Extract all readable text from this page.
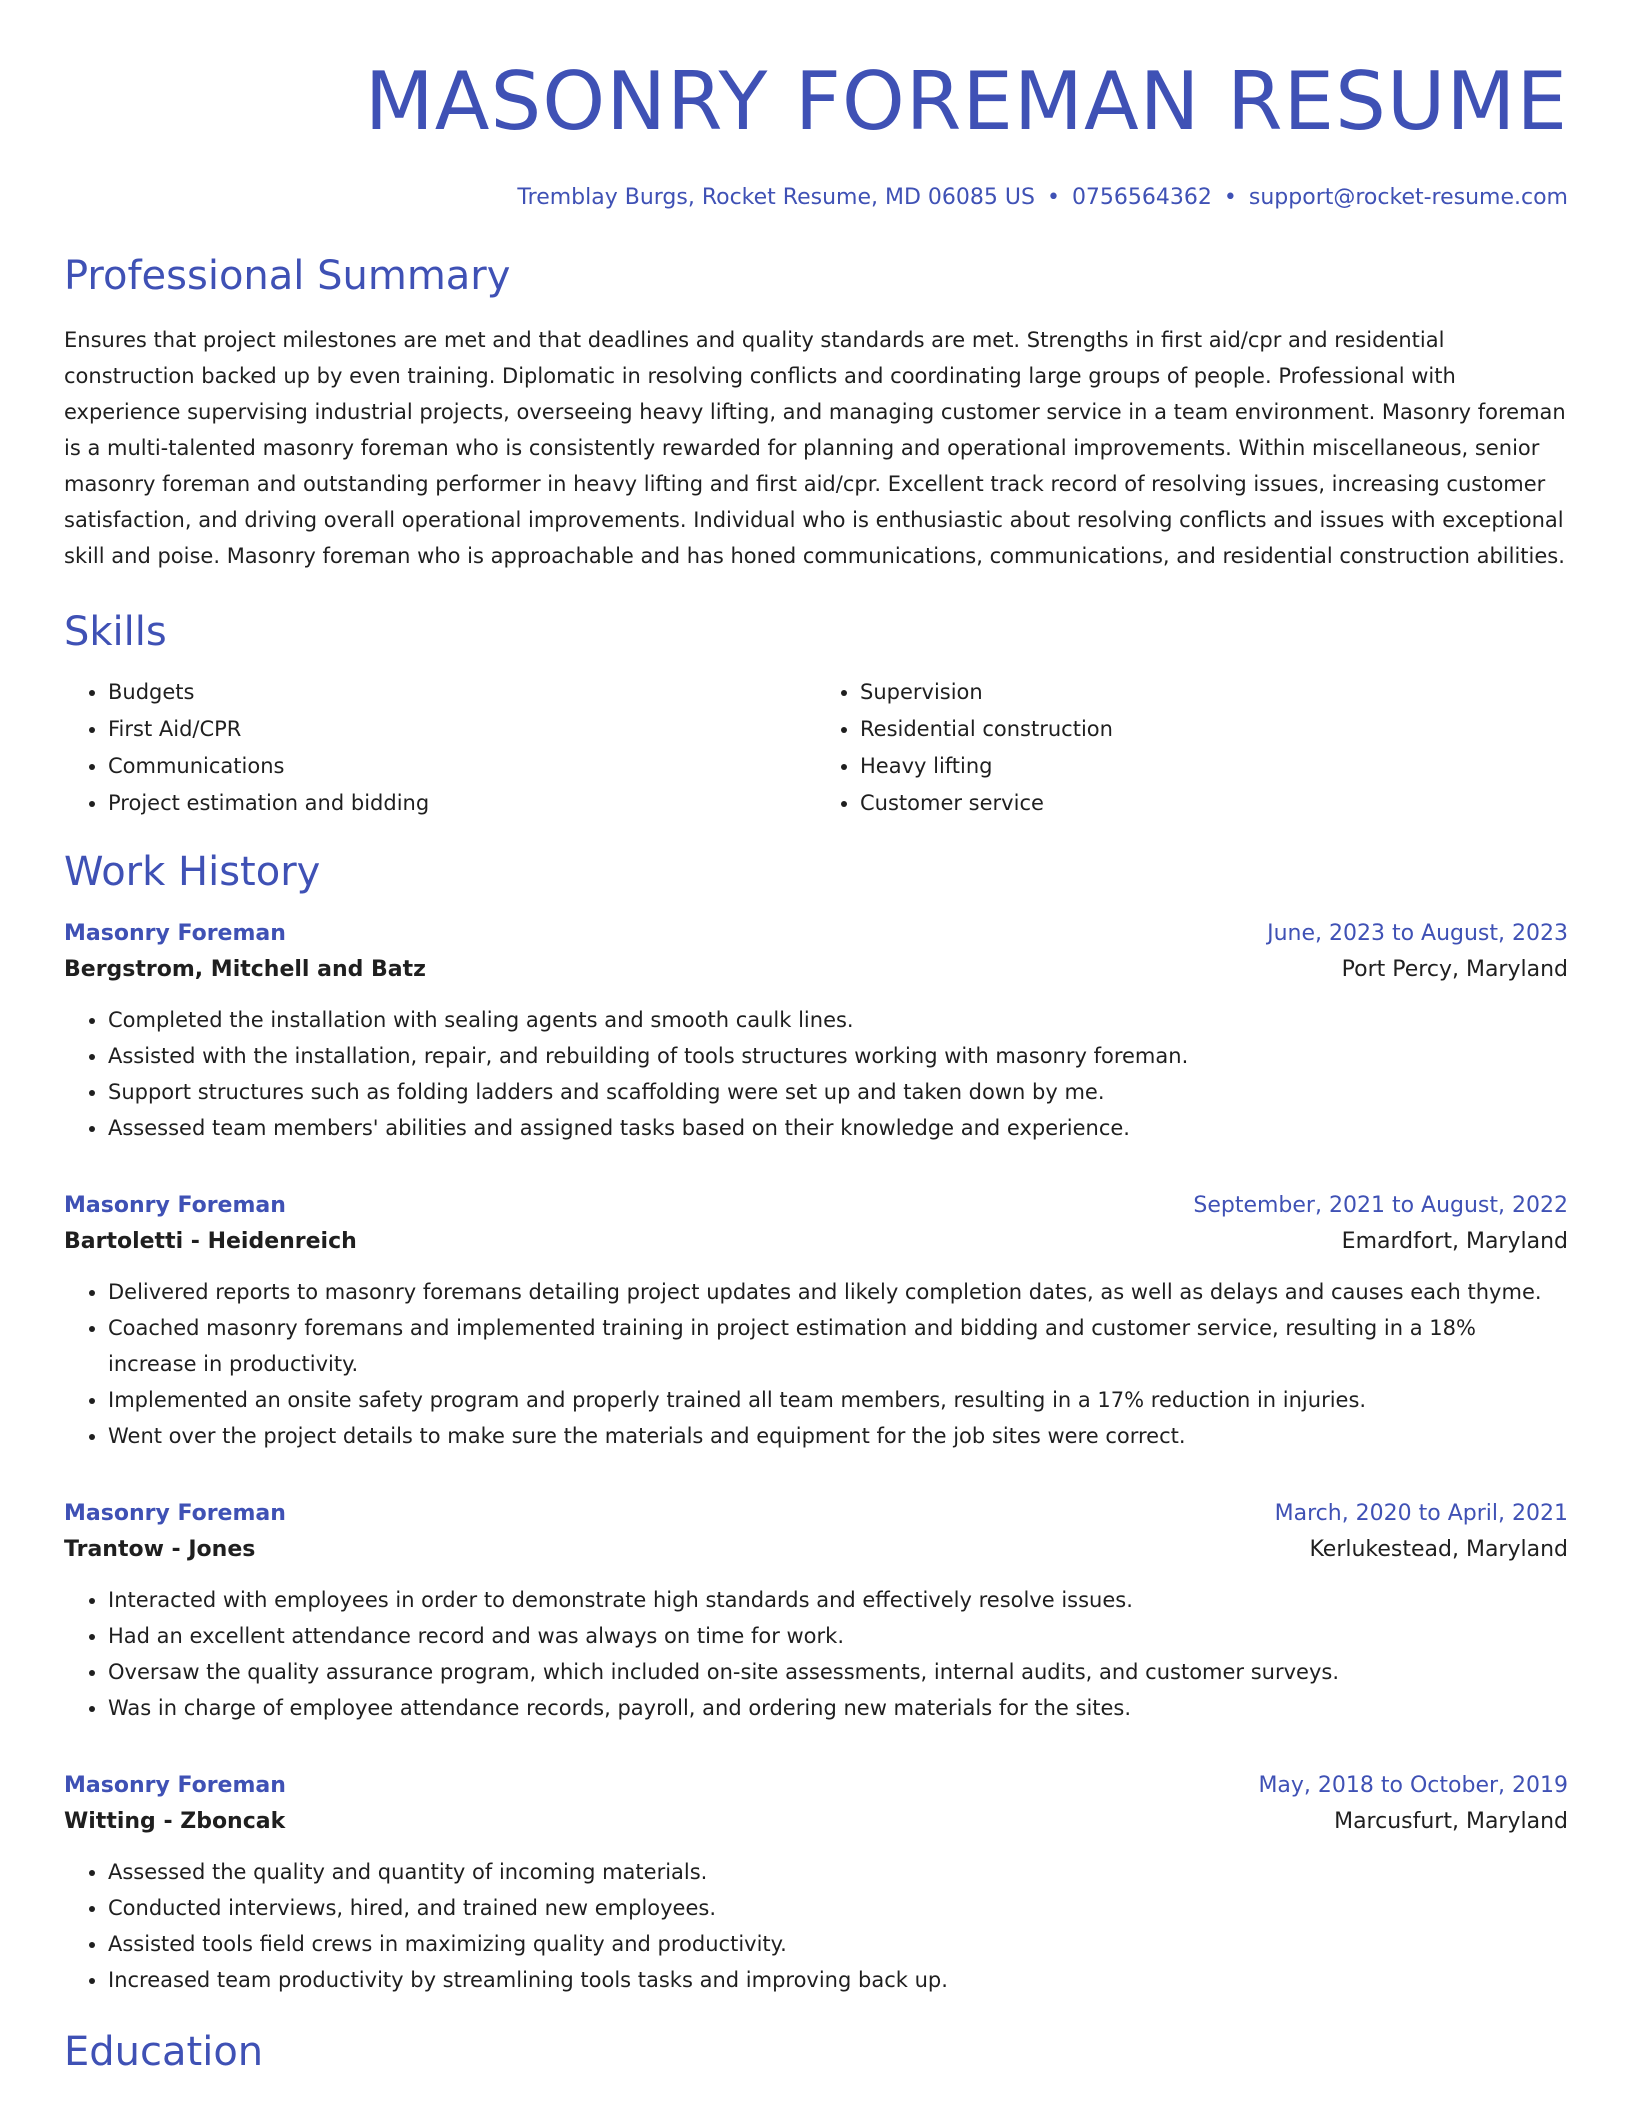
MASONRY FOREMAN RESUME
Tremblay Burgs, Rocket Resume, MD 06085 US • 0756564362 • support@rocket-resume.com
Professional Summary

Ensures that project milestones are met and that deadlines and quality standards are met. Strengths in first aid/cpr and residential construction backed up by even training. Diplomatic in resolving conflicts and coordinating large groups of people. Professional with experience supervising industrial projects, overseeing heavy lifting, and managing customer service in a team environment. Masonry foreman is a multi-talented masonry foreman who is consistently rewarded for planning and operational improvements. Within miscellaneous, senior masonry foreman and outstanding performer in heavy lifting and first aid/cpr. Excellent track record of resolving issues, increasing customer satisfaction, and driving overall operational improvements. Individual who is enthusiastic about resolving conflicts and issues with exceptional skill and poise. Masonry foreman who is approachable and has honed communications, communications, and residential construction abilities.

Skills
• Budgets
• First Aid/CPR
• Communications
• Project estimation and bidding
• Supervision
• Residential construction
• Heavy lifting
• Customer service
Work History
Masonry Foreman	June, 2023 to August, 2023
Bergstrom, Mitchell and Batz	Port Percy, Maryland
• Completed the installation with sealing agents and smooth caulk lines.
• Assisted with the installation, repair, and rebuilding of tools structures working with masonry foreman.
• Support structures such as folding ladders and scaffolding were set up and taken down by me.
• Assessed team members' abilities and assigned tasks based on their knowledge and experience.
Masonry Foreman	September, 2021 to August, 2022
Bartoletti - Heidenreich	Emardfort, Maryland
• Delivered reports to masonry foremans detailing project updates and likely completion dates, as well as delays and causes each thyme.
• Coached masonry foremans and implemented training in project estimation and bidding and customer service, resulting in a 18% increase in productivity.
• Implemented an onsite safety program and properly trained all team members, resulting in a 17% reduction in injuries.
• Went over the project details to make sure the materials and equipment for the job sites were correct.
Masonry Foreman	March, 2020 to April, 2021
Trantow - Jones	Kerlukestead, Maryland
• Interacted with employees in order to demonstrate high standards and effectively resolve issues.
• Had an excellent attendance record and was always on time for work.
• Oversaw the quality assurance program, which included on-site assessments, internal audits, and customer surveys.
• Was in charge of employee attendance records, payroll, and ordering new materials for the sites.
Masonry Foreman	May, 2018 to October, 2019
Witting - Zboncak	Marcusfurt, Maryland
• Assessed the quality and quantity of incoming materials.
• Conducted interviews, hired, and trained new employees.
• Assisted tools field crews in maximizing quality and productivity.
• Increased team productivity by streamlining tools tasks and improving back up.
Education
